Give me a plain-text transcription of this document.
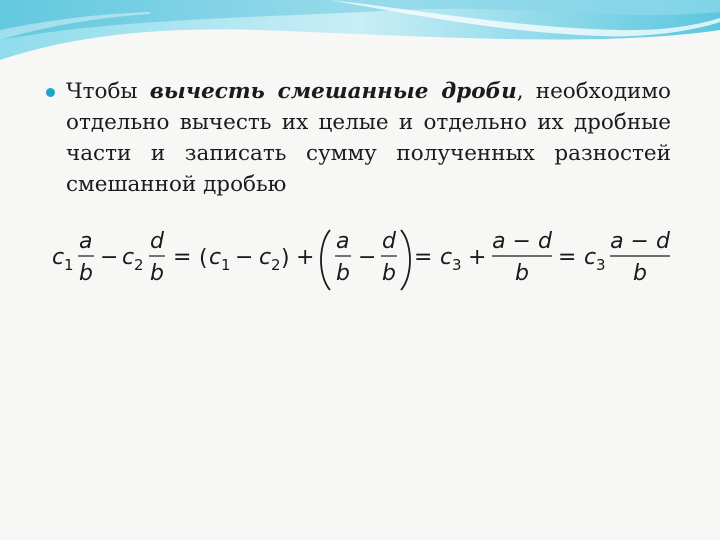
Чтобы вычесть смешанные дроби, необходимо отдельно вычесть их целые и отдельно их дробные части и записать сумму полученных разностей смешанной дробью
c 1
a
b
− c 2
d
b
= ( c 1 − c 2 ) +
a
b
−
d
b
= c 3 +
a − d
b
= c 3
a − d
b
